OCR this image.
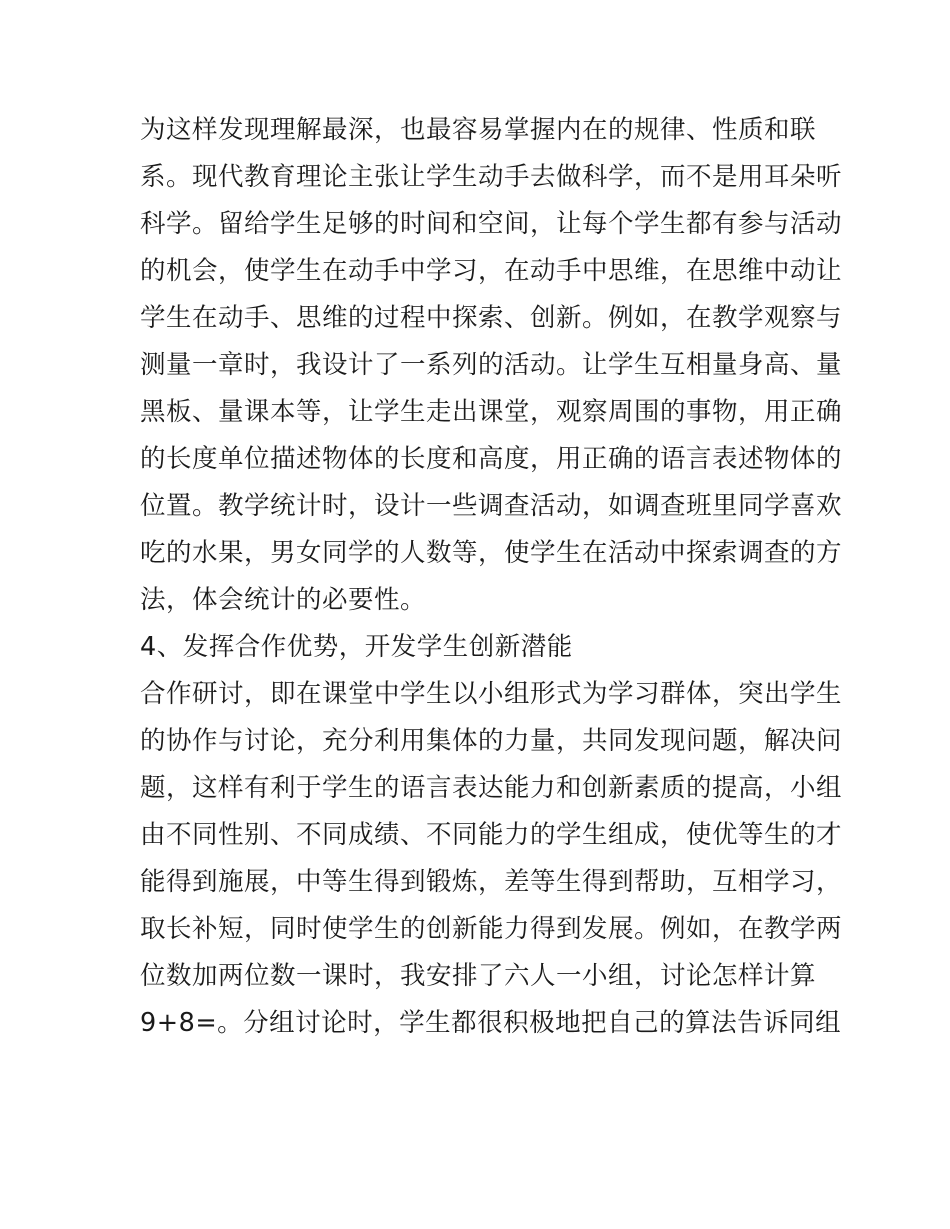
为这样发现理解最深，也最容易掌握内在的规律、性质和联
系。现代教育理论主张让学生动手去做科学，而不是用耳朵听
科学。留给学生足够的时间和空间，让每个学生都有参与活动
的机会，使学生在动手中学习，在动手中思维，在思维中动让
学生在动手、思维的过程中探索、创新。例如，在教学观察与
测量一章时，我设计了一系列的活动。让学生互相量身高、量
黑板、量课本等，让学生走出课堂，观察周围的事物，用正确
的长度单位描述物体的长度和高度，用正确的语言表述物体的
位置。教学统计时，设计一些调查活动，如调查班里同学喜欢
吃的水果，男女同学的人数等，使学生在活动中探索调查的方
法，体会统计的必要性。
4、发挥合作优势，开发学生创新潜能
合作研讨，即在课堂中学生以小组形式为学习群体，突出学生
的协作与讨论，充分利用集体的力量，共同发现问题，解决问
题，这样有利于学生的语言表达能力和创新素质的提高，小组
由不同性别、不同成绩、不同能力的学生组成，使优等生的才
能得到施展，中等生得到锻炼，差等生得到帮助，互相学习，
取长补短，同时使学生的创新能力得到发展。例如，在教学两
位数加两位数一课时，我安排了六人一小组，讨论怎样计算
9+8=。分组讨论时，学生都很积极地把自己的算法告诉同组
